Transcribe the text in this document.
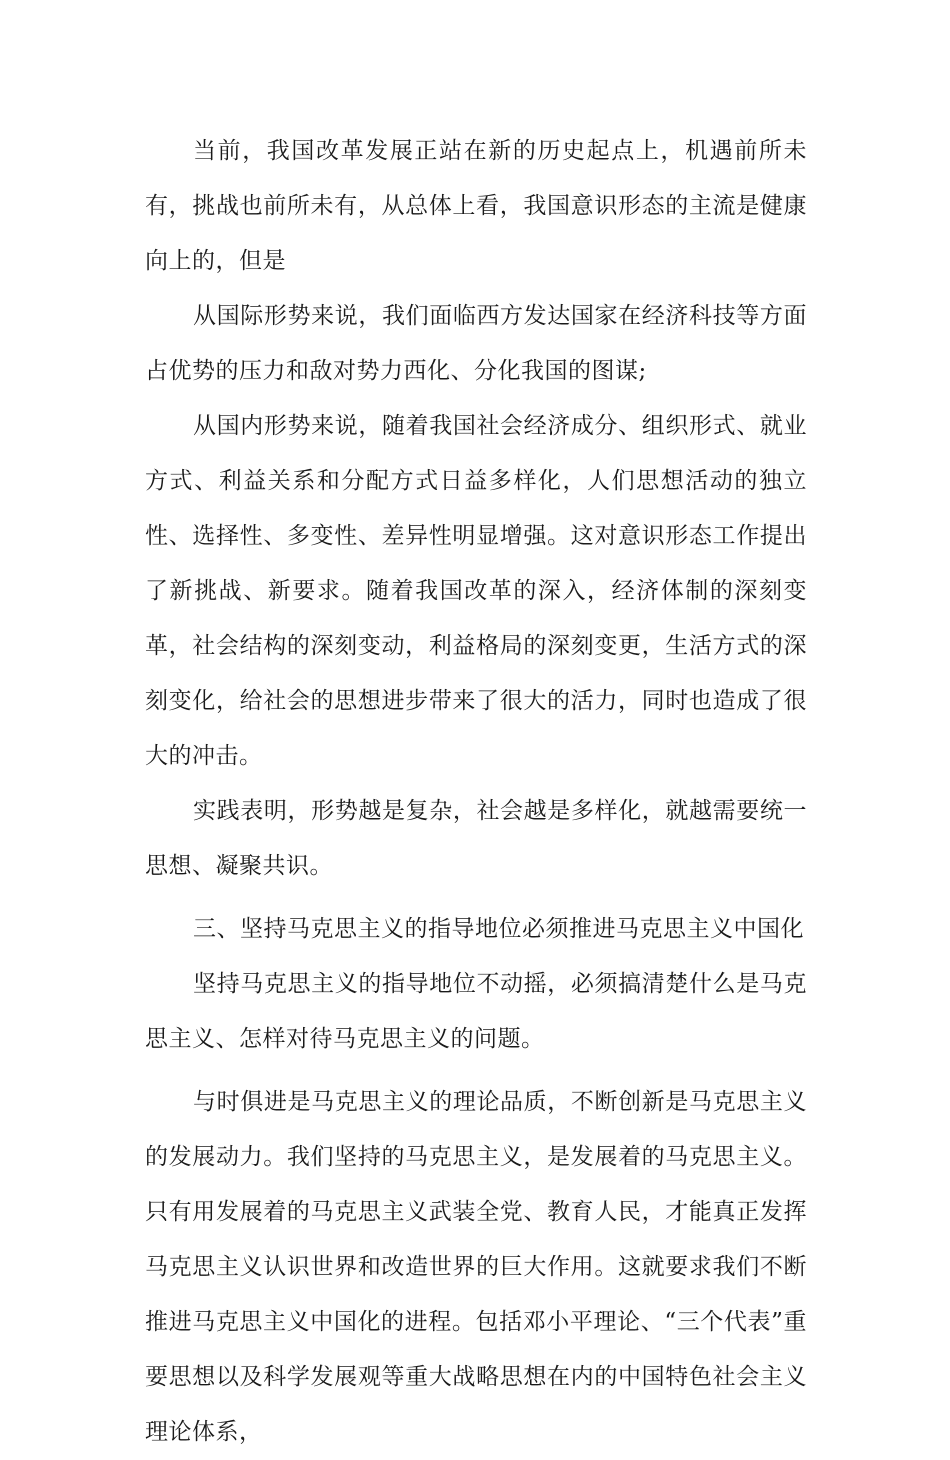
当前，我国改革发展正站在新的历史起点上，机遇前所未有，挑战也前所未有，从总体上看，我国意识形态的主流是健康向上的，但是

从国际形势来说，我们面临西方发达国家在经济科技等方面占优势的压力和敌对势力西化、分化我国的图谋;

从国内形势来说，随着我国社会经济成分、组织形式、就业方式、利益关系和分配方式日益多样化，人们思想活动的独立性、选择性、多变性、差异性明显增强。这对意识形态工作提出了新挑战、新要求。随着我国改革的深入，经济体制的深刻变革，社会结构的深刻变动，利益格局的深刻变更，生活方式的深刻变化，给社会的思想进步带来了很大的活力，同时也造成了很大的冲击。

实践表明，形势越是复杂，社会越是多样化，就越需要统一思想、凝聚共识。

三、坚持马克思主义的指导地位必须推进马克思主义中国化

坚持马克思主义的指导地位不动摇，必须搞清楚什么是马克思主义、怎样对待马克思主义的问题。

与时俱进是马克思主义的理论品质，不断创新是马克思主义的发展动力。我们坚持的马克思主义，是发展着的马克思主义。只有用发展着的马克思主义武装全党、教育人民，才能真正发挥马克思主义认识世界和改造世界的巨大作用。这就要求我们不断推进马克思主义中国化的进程。包括邓小平理论、“三个代表”重要思想以及科学发展观等重大战略思想在内的中国特色社会主义理论体系，
